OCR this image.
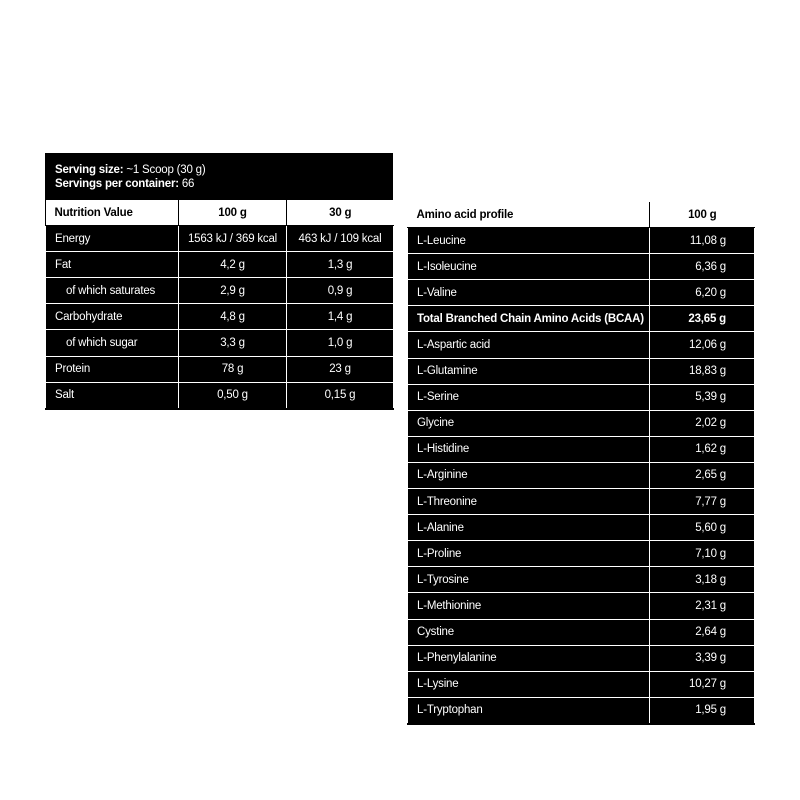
Serving size: ~1 Scoop (30 g)
Servings per container: 66
Nutrition Value	100 g	30 g
Energy	1563 kJ / 369 kcal	463 kJ / 109 kcal
Fat	4,2 g	1,3 g
of which saturates	2,9 g	0,9 g
Carbohydrate	4,8 g	1,4 g
of which sugar	3,3 g	1,0 g
Protein	78 g	23 g
Salt	0,50 g	0,15 g
Amino acid profile	100 g
L-Leucine	11,08 g
L-Isoleucine	6,36 g
L-Valine	6,20 g
Total Branched Chain Amino Acids (BCAA)	23,65 g
L-Aspartic acid	12,06 g
L-Glutamine	18,83 g
L-Serine	5,39 g
Glycine	2,02 g
L-Histidine	1,62 g
L-Arginine	2,65 g
L-Threonine	7,77 g
L-Alanine	5,60 g
L-Proline	7,10 g
L-Tyrosine	3,18 g
L-Methionine	2,31 g
Cystine	2,64 g
L-Phenylalanine	3,39 g
L-Lysine	10,27 g
L-Tryptophan	1,95 g
